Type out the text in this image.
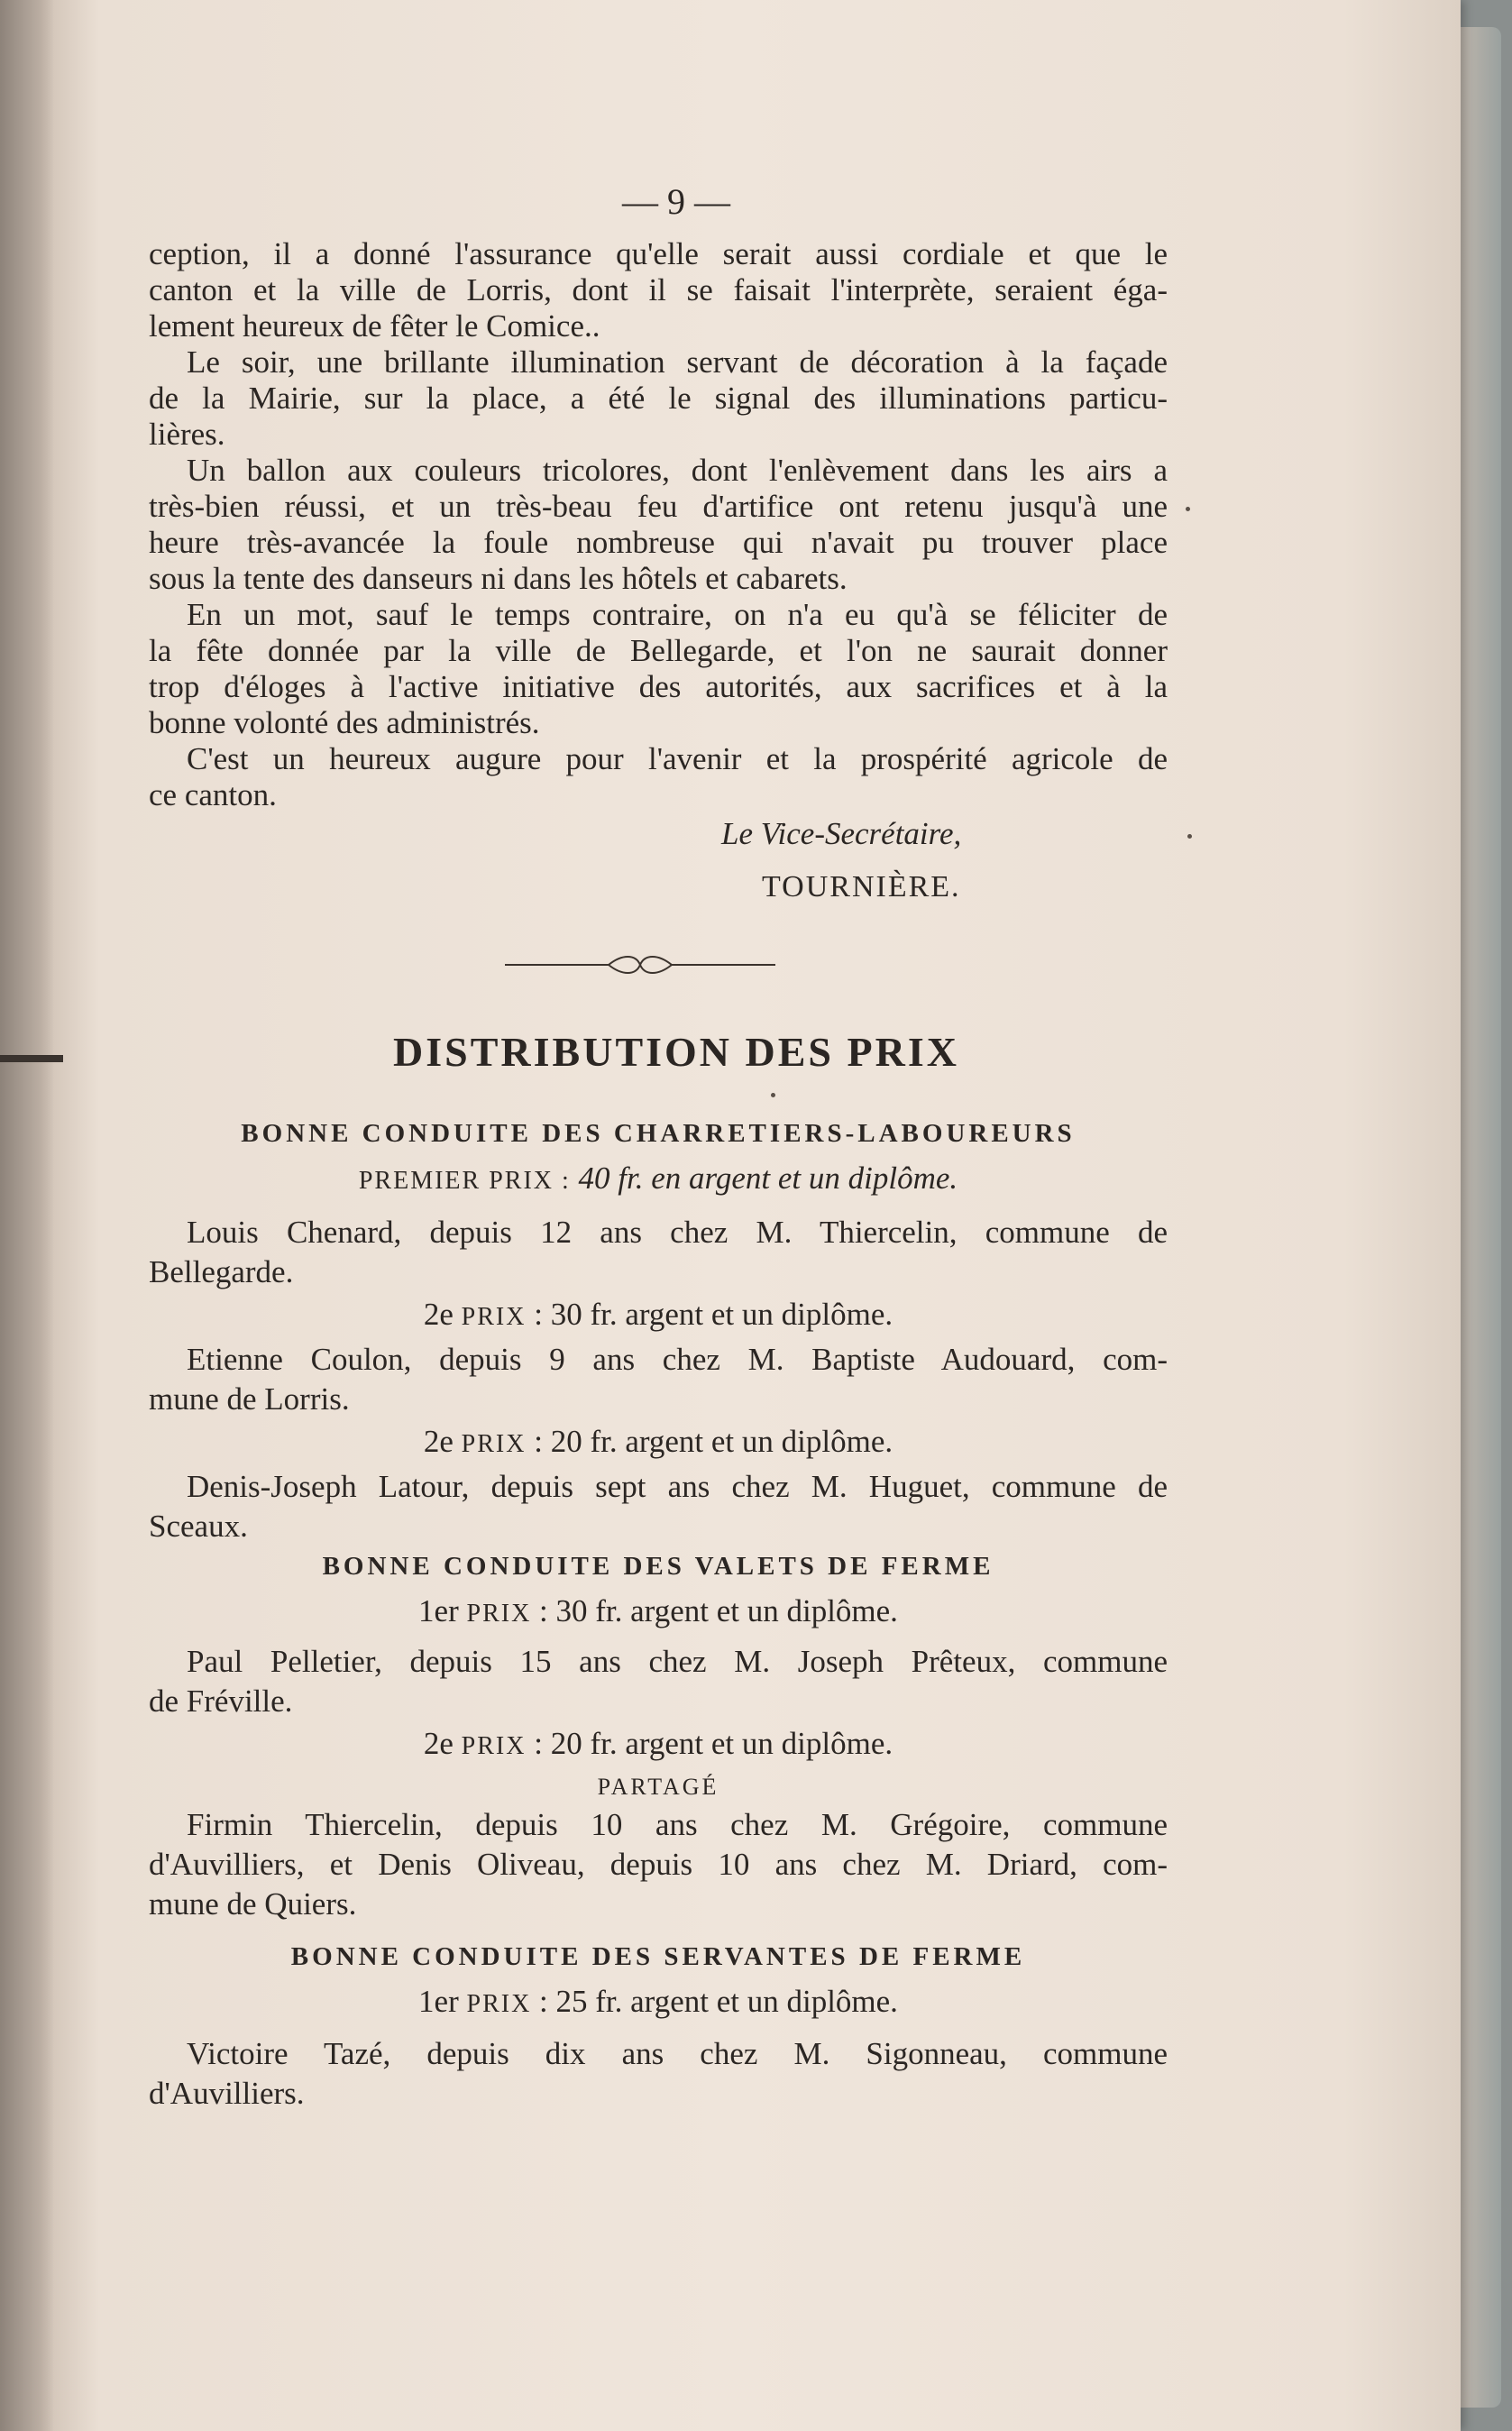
— 9 —
ception, il a donné l'assurance qu'elle serait aussi cordiale et que le
canton et la ville de Lorris, dont il se faisait l'interprète, seraient éga-
lement heureux de fêter le Comice..
Le soir, une brillante illumination servant de décoration à la façade
de la Mairie, sur la place, a été le signal des illuminations particu-
lières.
Un ballon aux couleurs tricolores, dont l'enlèvement dans les airs a
très-bien réussi, et un très-beau feu d'artifice ont retenu jusqu'à une
heure très-avancée la foule nombreuse qui n'avait pu trouver place
sous la tente des danseurs ni dans les hôtels et cabarets.
En un mot, sauf le temps contraire, on n'a eu qu'à se féliciter de
la fête donnée par la ville de Bellegarde, et l'on ne saurait donner
trop d'éloges à l'active initiative des autorités, aux sacrifices et à la
bonne volonté des administrés.
C'est un heureux augure pour l'avenir et la prospérité agricole de
ce canton.
Le Vice-Secrétaire,
TOURNIÈRE.
DISTRIBUTION DES PRIX
BONNE CONDUITE DES CHARRETIERS-LABOUREURS
PREMIER PRIX : 40 fr. en argent et un diplôme.
Louis Chenard, depuis 12 ans chez M. Thiercelin, commune de
Bellegarde.
2e PRIX : 30 fr. argent et un diplôme.
Etienne Coulon, depuis 9 ans chez M. Baptiste Audouard, com-
mune de Lorris.
2e PRIX : 20 fr. argent et un diplôme.
Denis-Joseph Latour, depuis sept ans chez M. Huguet, commune de
Sceaux.
BONNE CONDUITE DES VALETS DE FERME
1er PRIX : 30 fr. argent et un diplôme.
Paul Pelletier, depuis 15 ans chez M. Joseph Prêteux, commune
de Fréville.
2e PRIX : 20 fr. argent et un diplôme.
PARTAGÉ
Firmin Thiercelin, depuis 10 ans chez M. Grégoire, commune
d'Auvilliers, et Denis Oliveau, depuis 10 ans chez M. Driard, com-
mune de Quiers.
BONNE CONDUITE DES SERVANTES DE FERME
1er PRIX : 25 fr. argent et un diplôme.
Victoire Tazé, depuis dix ans chez M. Sigonneau, commune
d'Auvilliers.
